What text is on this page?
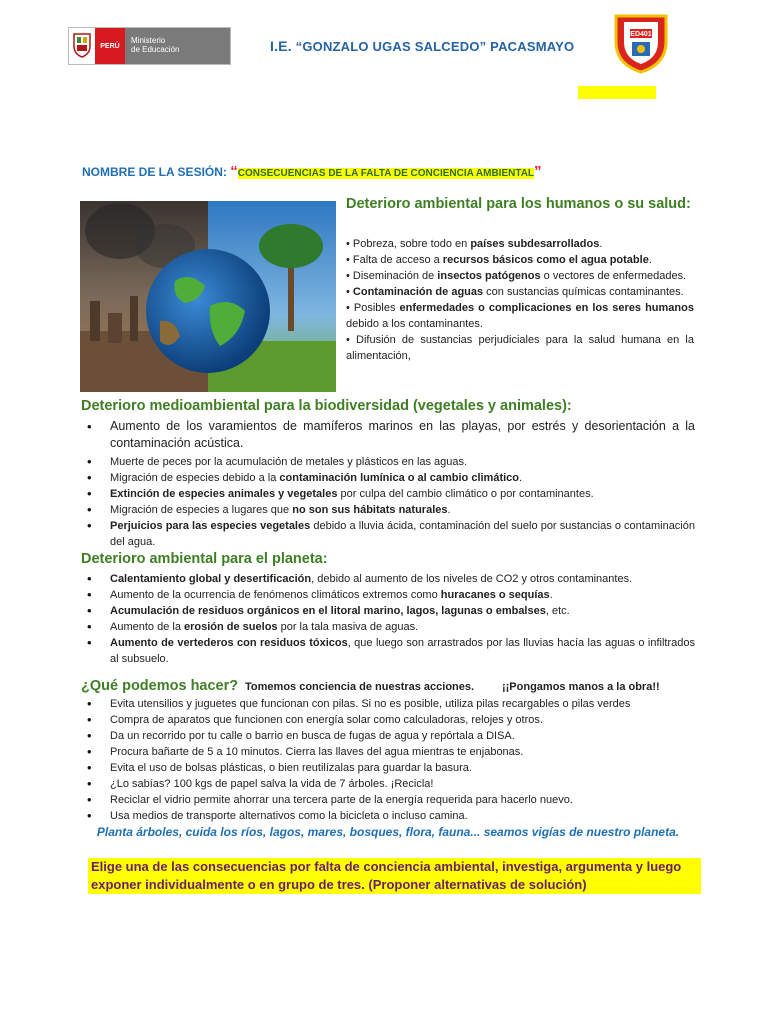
PERÚ
Ministerio
de Educación	I.E. “GONZALO UGAS SALCEDO” PACASMAYO
ED401
NOMBRE DE LA SESIÓN: “CONSECUENCIAS DE LA FALTA DE CONCIENCIA AMBIENTAL”
Deterioro ambiental para los humanos o su salud:

• Pobreza, sobre todo en países subdesarrollados.

• Falta de acceso a recursos básicos como el agua potable.

• Diseminación de insectos patógenos o vectores de enfermedades.

• Contaminación de aguas con sustancias químicas contaminantes.

• Posibles enfermedades o complicaciones en los seres humanos debido a los contaminantes.

• Difusión de sustancias perjudiciales para la salud humana en la alimentación,

Deterioro medioambiental para la biodiversidad (vegetales y animales):
• Aumento de los varamientos de mamíferos marinos en las playas, por estrés y desorientación a la contaminación acústica.
• Muerte de peces por la acumulación de metales y plásticos en las aguas.
• Migración de especies debido a la contaminación lumínica o al cambio climático.
• Extinción de especies animales y vegetales por culpa del cambio climático o por contaminantes.
• Migración de especies a lugares que no son sus hábitats naturales.
• Perjuicios para las especies vegetales debido a lluvia ácida, contaminación del suelo por sustancias o contaminación del agua.
Deterioro ambiental para el planeta:
• Calentamiento global y desertificación, debido al aumento de los niveles de CO2 y otros contaminantes.
• Aumento de la ocurrencia de fenómenos climáticos extremos como huracanes o sequías.
• Acumulación de residuos orgánicos en el litoral marino, lagos, lagunas o embalses, etc.
• Aumento de la erosión de suelos por la tala masiva de aguas.
• Aumento de vertederos con residuos tóxicos, que luego son arrastrados por las lluvias hacía las aguas o infiltrados al subsuelo.
¿Qué podemos hacer? Tomemos conciencia de nuestras acciones.	¡¡Pongamos manos a la obra!!
• Evita utensilios y juguetes que funcionan con pilas. Si no es posible, utiliza pilas recargables o pilas verdes
• Compra de aparatos que funcionen con energía solar como calculadoras, relojes y otros.
• Da un recorrido por tu calle o barrio en busca de fugas de agua y repórtala a DISA.
• Procura bañarte de 5 a 10 minutos. Cierra las llaves del agua mientras te enjabonas.
• Evita el uso de bolsas plásticas, o bien reutilízalas para guardar la basura.
• ¿Lo sabías? 100 kgs de papel salva la vida de 7 árboles. ¡Recicla!
• Reciclar el vidrio permite ahorrar una tercera parte de la energía requerida para hacerlo nuevo.
• Usa medios de transporte alternativos como la bicicleta o incluso camina.
Planta árboles, cuida los ríos, lagos, mares, bosques, flora, fauna... seamos vigías de nuestro planeta.
Elige una de las consecuencias por falta de conciencia ambiental, investiga, argumenta y luego exponer individualmente o en grupo de tres. (Proponer alternativas de solución)
